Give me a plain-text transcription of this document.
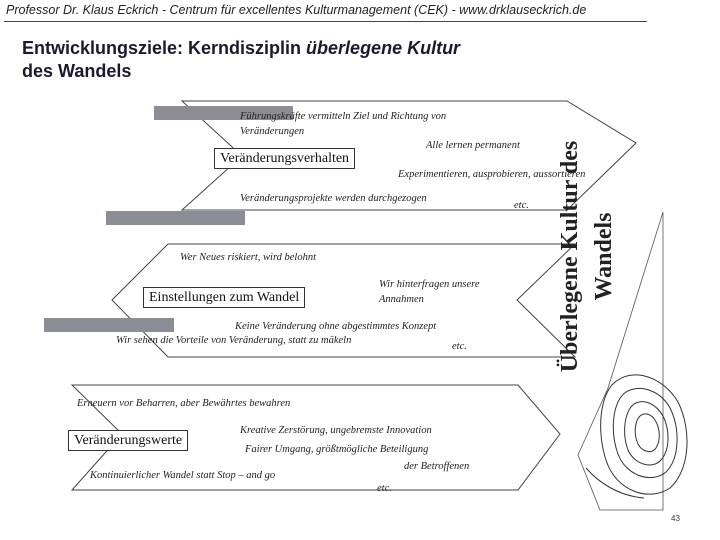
Professor Dr. Klaus Eckrich - Centrum für excellentes Kulturmanagement (CEK) - www.drklauseckrich.de
Entwicklungsziele: Kerndisziplin überlegene Kultur
des Wandels
Führungskräfte vermitteln Ziel und Richtung von
Veränderungen
Alle lernen permanent
Veränderungsverhalten
Experimentieren, ausprobieren, aussortieren
Veränderungsprojekte werden durchgezogen
etc.
Wer Neues riskiert, wird belohnt
Wir hinterfragen unsere
Einstellungen zum Wandel	Annahmen
Keine Veränderung ohne abgestimmtes Konzept
Wir sehen die Vorteile von Veränderung, statt zu mäkeln
etc.
Erneuern vor Beharren, aber Bewährtes bewahren
Kreative Zerstörung, ungebremste Innovation
Veränderungswerte
Fairer Umgang, größtmögliche Beteiligung
der Betroffenen
Kontinuierlicher Wandel statt Stop – and go
etc.
Überlegene Kultur des Wandels
43
